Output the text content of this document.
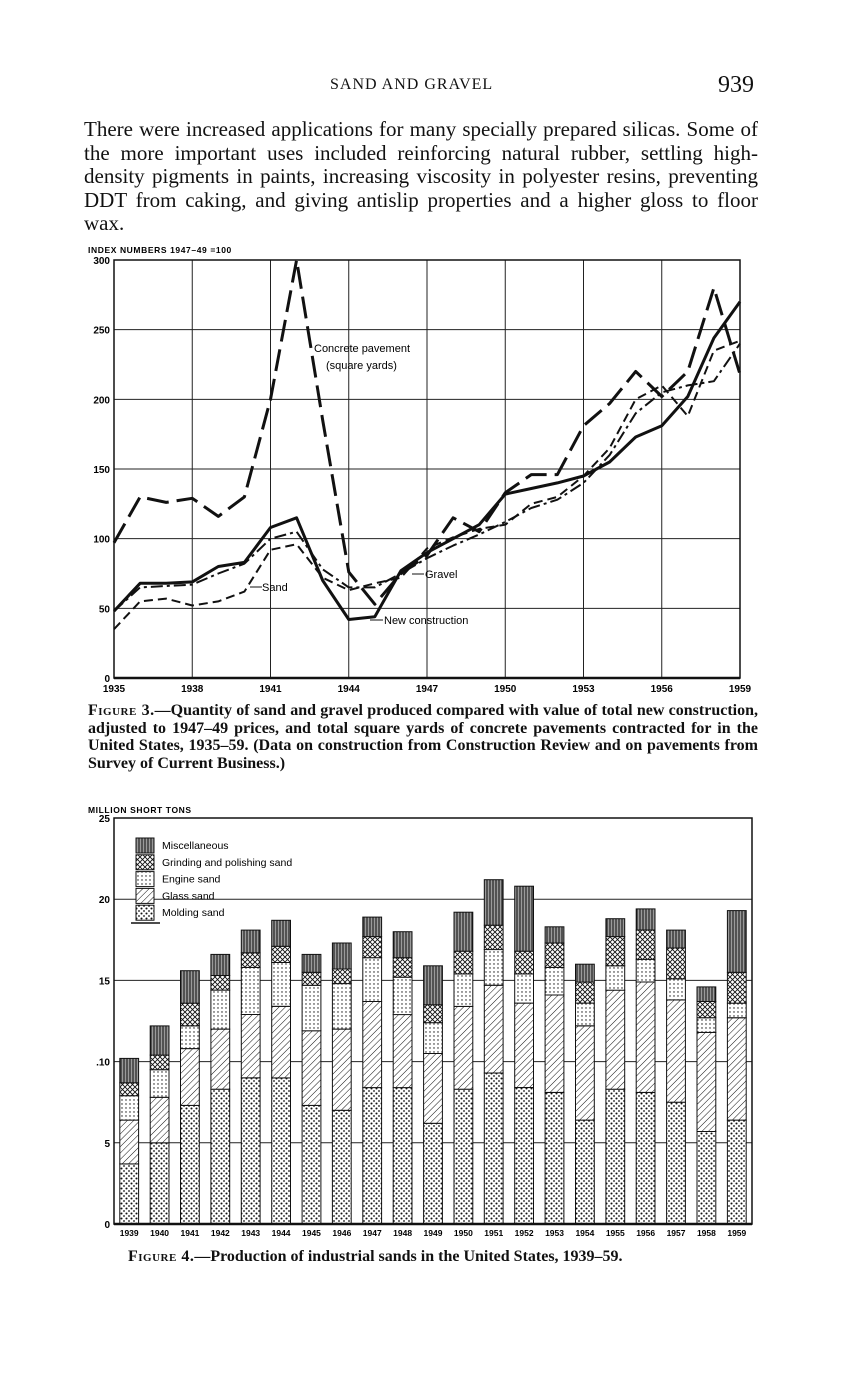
SAND AND GRAVEL	939
There were increased applications for many specially prepared silicas. Some of the more important uses included reinforcing natural rubber, settling high-density pigments in paints, increasing viscosity in polyester resins, preventing DDT from caking, and giving antislip properties and a higher gloss to floor wax.
0
50
100
150
200
250
300
1935	1938	1941	1944	1947	1950	1953	1956	1959
INDEX NUMBERS 1947–49 =100
Concrete pavement
(square yards)
Sand
Gravel
New construction
Figure 3.—Quantity of sand and gravel produced compared with value of total new construction, adjusted to 1947–49 prices, and total square yards of concrete pavements contracted for in the United States, 1935–59. (Data on construction from Construction Review and on pavements from Survey of Current Business.)
MILLION SHORT TONS
0
5
.10
15
20
25
1939 1940 1941 1942 1943 1944 1945 1946 1947 1948 1949 1950 1951 1952 1953 1954 1955 1956 1957 1958 1959
Miscellaneous
Grinding and polishing sand
Engine sand
Glass sand
Molding sand
Figure 4.—Production of industrial sands in the United States, 1939–59.
